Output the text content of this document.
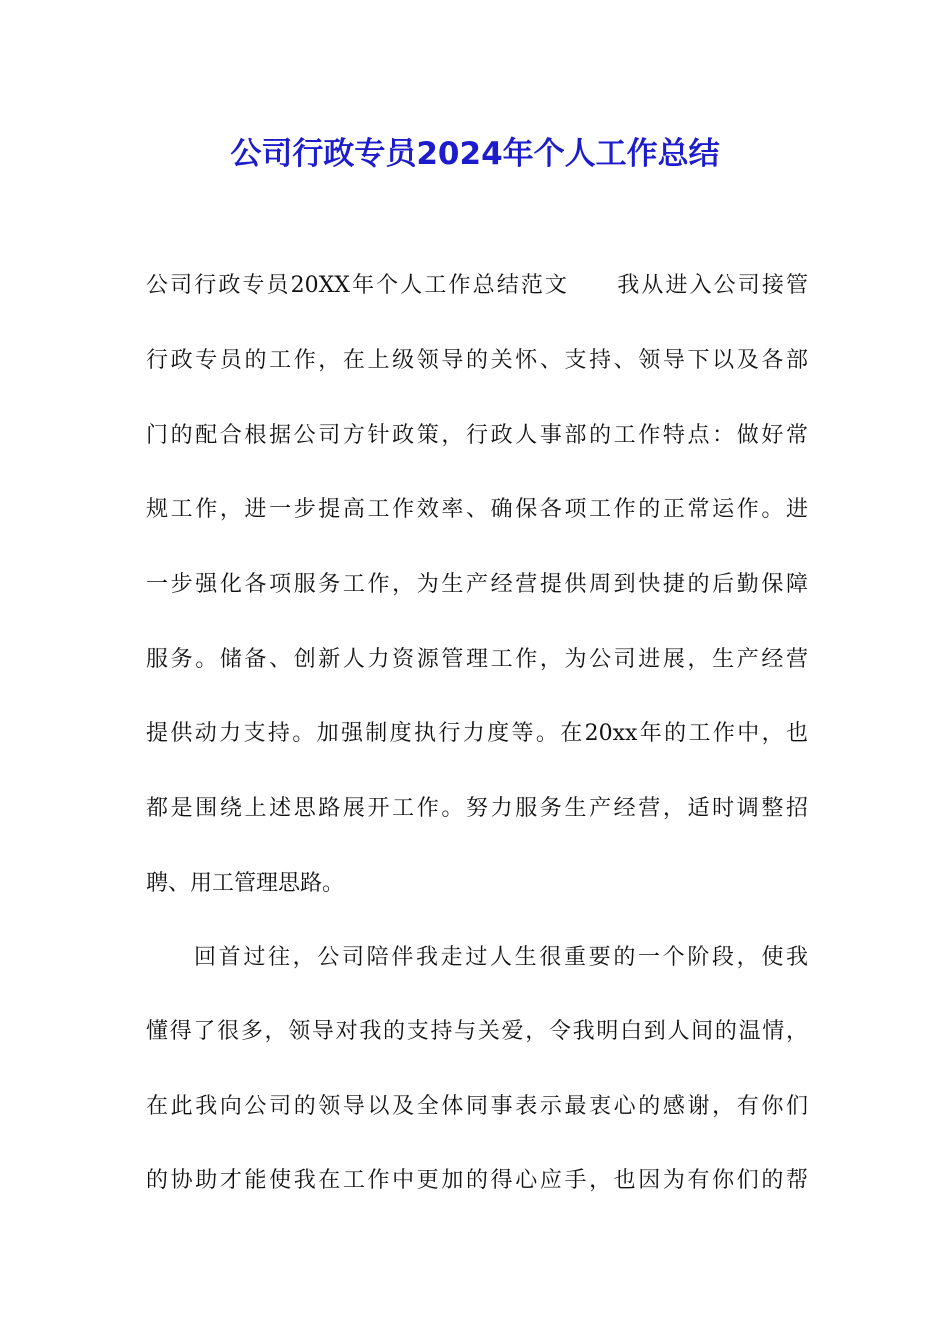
公司行政专员2024年个人工作总结
公司行政专员20XX年个人工作总结范文　　我从进入公司接管
行政专员的工作，在上级领导的关怀、支持、领导下以及各部
门的配合根据公司方针政策，行政人事部的工作特点：做好常
规工作，进一步提高工作效率、确保各项工作的正常运作。进
一步强化各项服务工作，为生产经营提供周到快捷的后勤保障
服务。储备、创新人力资源管理工作，为公司进展，生产经营
提供动力支持。加强制度执行力度等。在20xx年的工作中，也
都是围绕上述思路展开工作。努力服务生产经营，适时调整招
聘、用工管理思路。
回首过往，公司陪伴我走过人生很重要的一个阶段，使我
懂得了很多，领导对我的支持与关爱，令我明白到人间的温情，
在此我向公司的领导以及全体同事表示最衷心的感谢，有你们
的协助才能使我在工作中更加的得心应手，也因为有你们的帮
